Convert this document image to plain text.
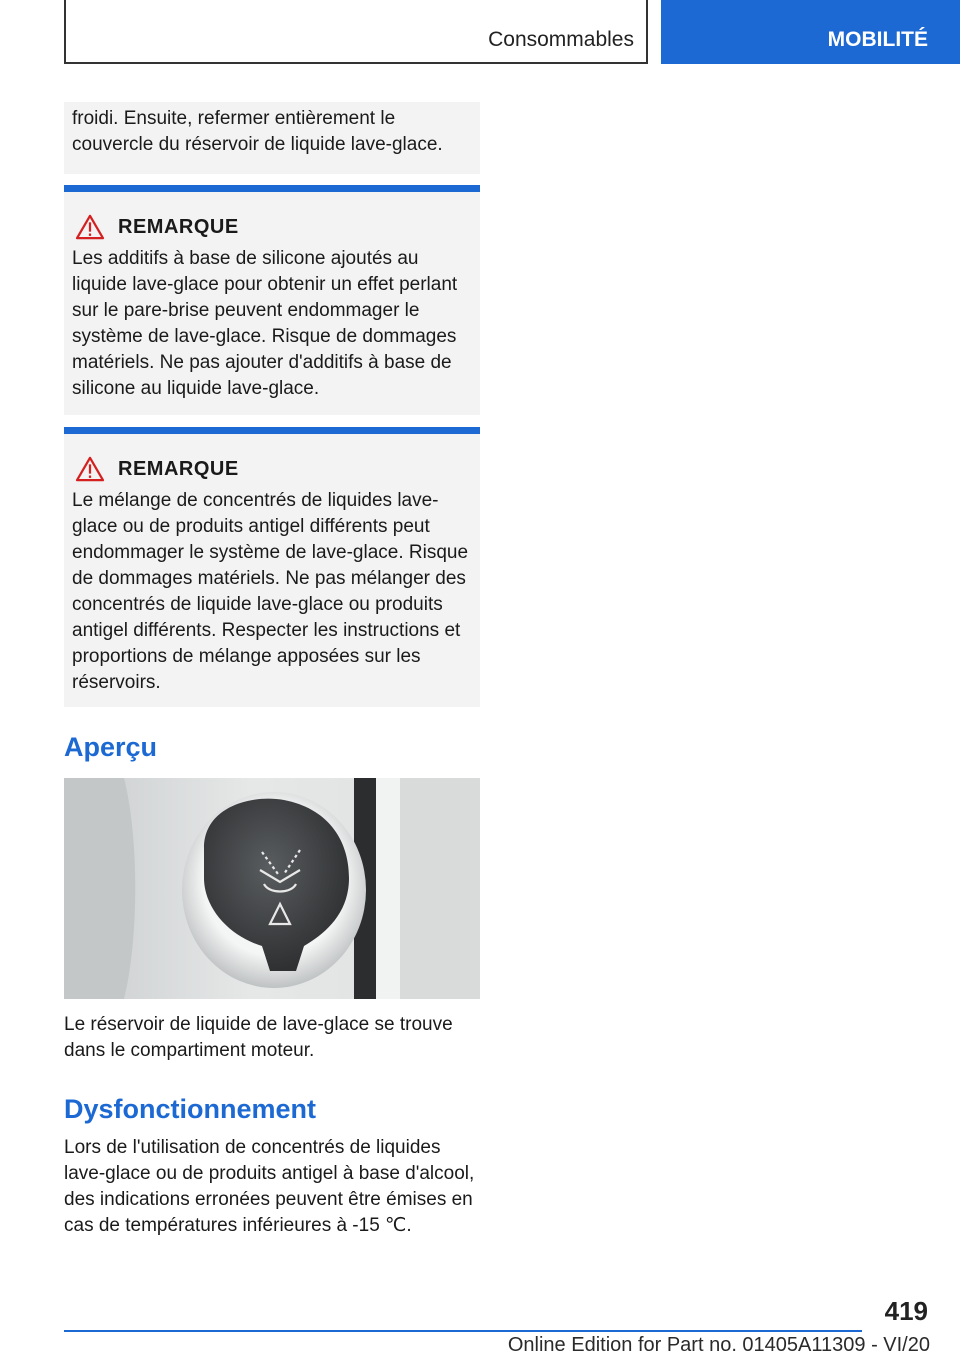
Consommables	MOBILITÉ

froidi. Ensuite, refermer entièrement le couvercle du réservoir de liquide lave-glace.

REMARQUE

Les additifs à base de silicone ajoutés au liquide lave-glace pour obtenir un effet perlant sur le pare-brise peuvent endommager le système de lave-glace. Risque de dommages matériels. Ne pas ajouter d'additifs à base de silicone au liquide lave-glace.

REMARQUE

Le mélange de concentrés de liquides lave-glace ou de produits antigel différents peut endommager le système de lave-glace. Risque de dommages matériels. Ne pas mélanger des concentrés de liquide lave-glace ou produits antigel différents. Respecter les instructions et proportions de mélange apposées sur les réservoirs.

Aperçu

Le réservoir de liquide de lave-glace se trouve dans le compartiment moteur.

Dysfonctionnement

Lors de l'utilisation de concentrés de liquides lave-glace ou de produits antigel à base d'alcool, des indications erronées peuvent être émises en cas de températures inférieures à -15 ℃.

419
Online Edition for Part no. 01405A11309 - VI/20
